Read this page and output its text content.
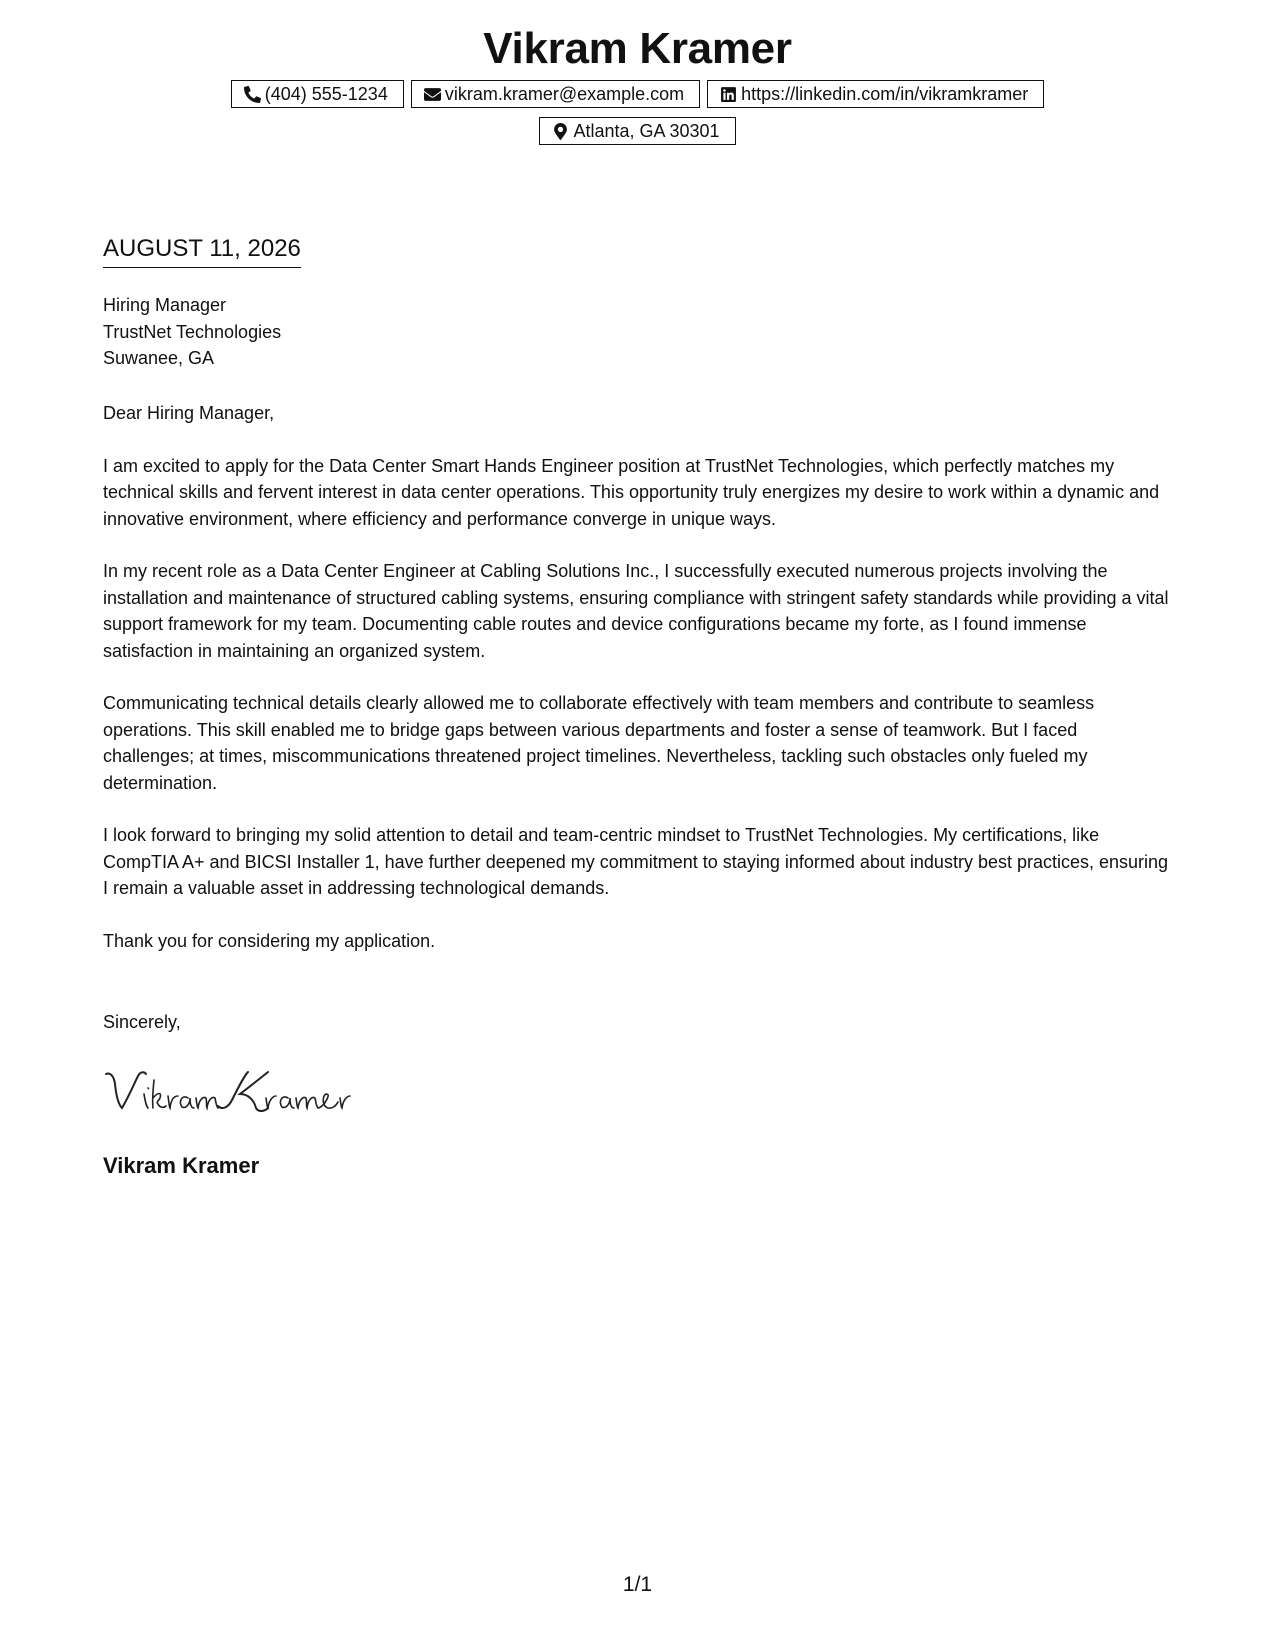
Vikram Kramer
(404) 555-1234	vikram.kramer@example.com	https://linkedin.com/in/vikramkramer
Atlanta, GA 30301
AUGUST 11, 2026
Hiring Manager
TrustNet Technologies
Suwanee, GA

Dear Hiring Manager,

I am excited to apply for the Data Center Smart Hands Engineer position at TrustNet Technologies, which perfectly matches my technical skills and fervent interest in data center operations. This opportunity truly energizes my desire to work within a dynamic and innovative environment, where efficiency and performance converge in unique ways.

In my recent role as a Data Center Engineer at Cabling Solutions Inc., I successfully executed numerous projects involving the installation and maintenance of structured cabling systems, ensuring compliance with stringent safety standards while providing a vital support framework for my team. Documenting cable routes and device configurations became my forte, as I found immense satisfaction in maintaining an organized system.

Communicating technical details clearly allowed me to collaborate effectively with team members and contribute to seamless operations. This skill enabled me to bridge gaps between various departments and foster a sense of teamwork. But I faced challenges; at times, miscommunications threatened project timelines. Nevertheless, tackling such obstacles only fueled my determination.

I look forward to bringing my solid attention to detail and team-centric mindset to TrustNet Technologies. My certifications, like CompTIA A+ and BICSI Installer 1, have further deepened my commitment to staying informed about industry best practices, ensuring I remain a valuable asset in addressing technological demands.

Thank you for considering my application.

Sincerely,
Vikram Kramer
1/1
